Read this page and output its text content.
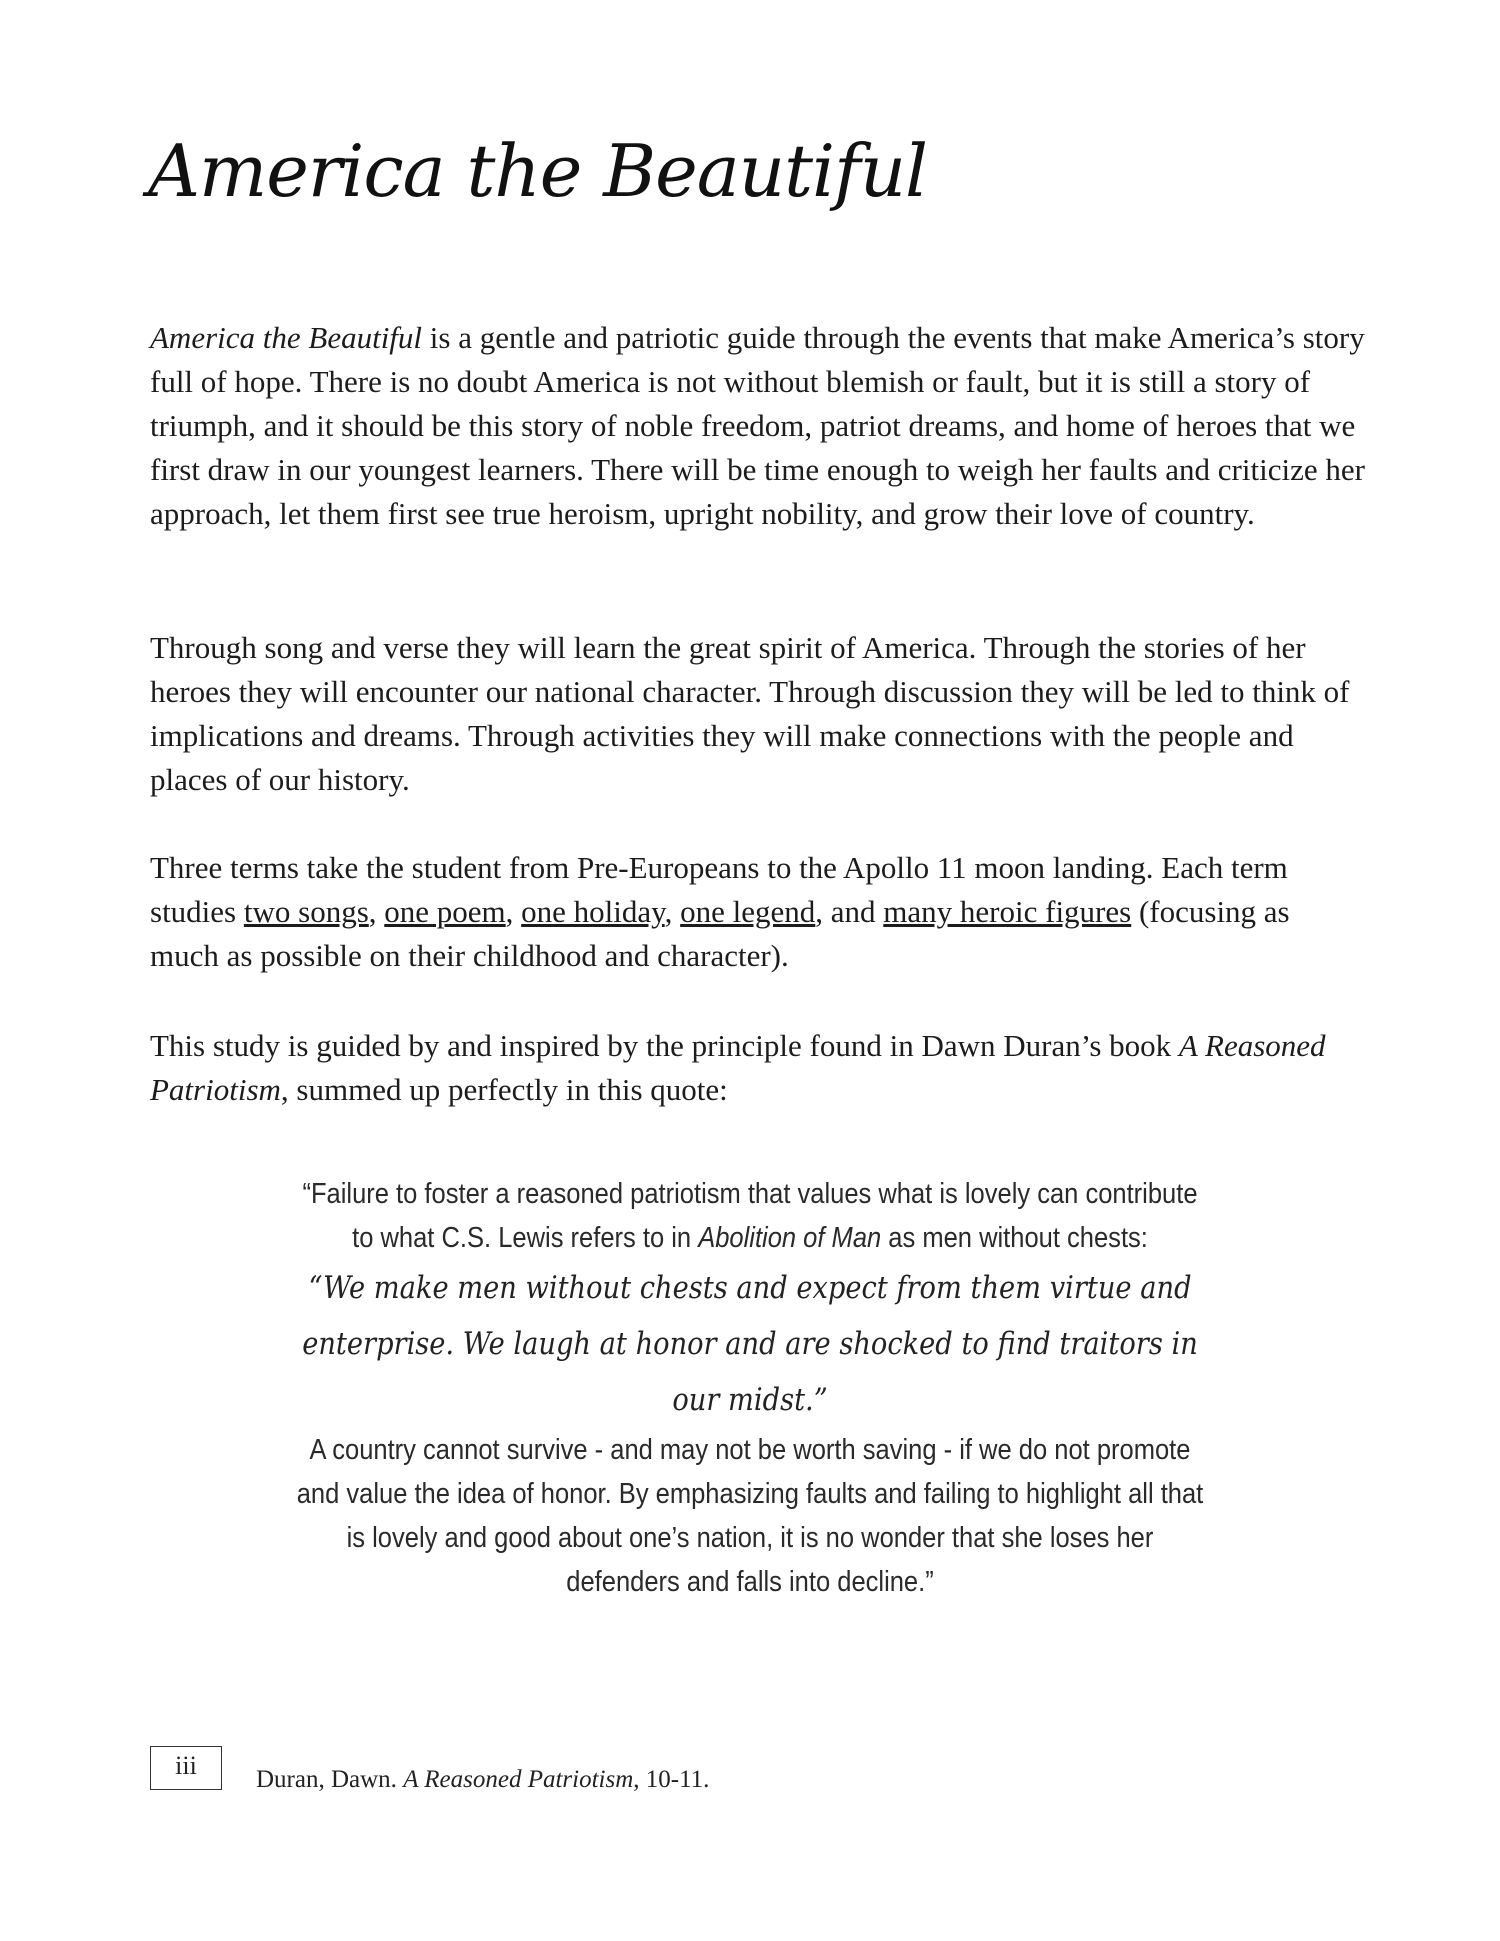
America the Beautiful

America the Beautiful is a gentle and patriotic guide through the events that make America’s story full of hope. There is no doubt America is not without blemish or fault, but it is still a story of triumph, and it should be this story of noble freedom, patriot dreams, and home of heroes that we first draw in our youngest learners. There will be time enough to weigh her faults and criticize her approach, let them first see true heroism, upright nobility, and grow their love of country.

Through song and verse they will learn the great spirit of America. Through the stories of her heroes they will encounter our national character. Through discussion they will be led to think of implications and dreams. Through activities they will make connections with the people and places of our history.

Three terms take the student from Pre-Europeans to the Apollo 11 moon landing. Each term studies two songs, one poem, one holiday, one legend, and many heroic figures (focusing as much as possible on their childhood and character).

This study is guided by and inspired by the principle found in Dawn Duran’s book A Reasoned Patriotism, summed up perfectly in this quote:

“Failure to foster a reasoned patriotism that values what is lovely can contribute to what C.S. Lewis refers to in Abolition of Man as men without chests:

“We make men without chests and expect from them virtue and enterprise. We laugh at honor and are shocked to find traitors in our midst.”

A country cannot survive - and may not be worth saving - if we do not promote and value the idea of honor. By emphasizing faults and failing to highlight all that is lovely and good about one’s nation, it is no wonder that she loses her defenders and falls into decline.”

iii	Duran, Dawn. A Reasoned Patriotism, 10-11.
